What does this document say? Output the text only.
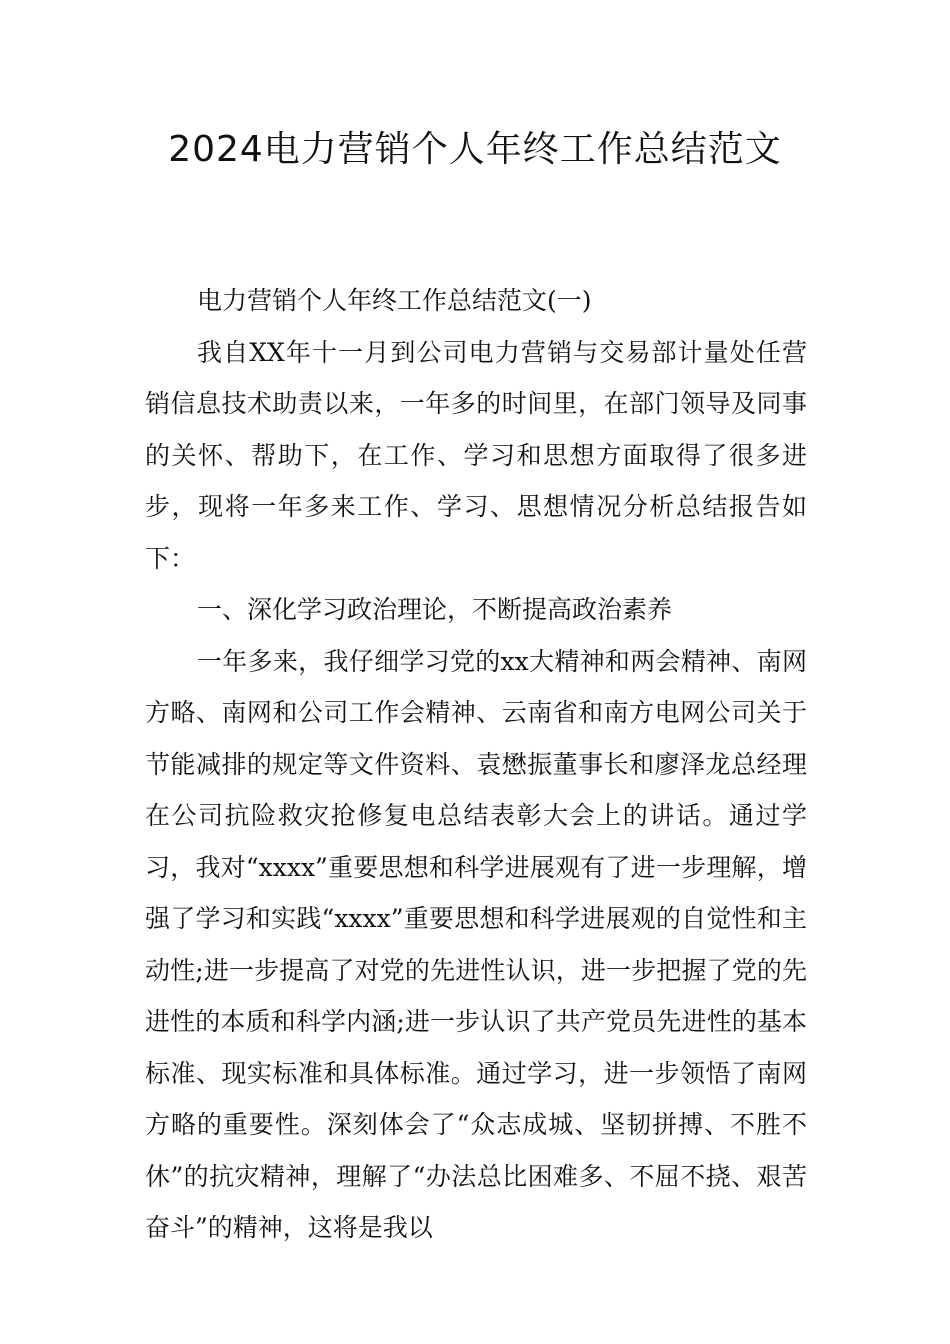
2024电力营销个人年终工作总结范文

电力营销个人年终工作总结范文(一)

我自XX年十一月到公司电力营销与交易部计量处任营销信息技术助责以来，一年多的时间里，在部门领导及同事的关怀、帮助下，在工作、学习和思想方面取得了很多进步，现将一年多来工作、学习、思想情况分析总结报告如下：

一、深化学习政治理论，不断提高政治素养

一年多来，我仔细学习党的xx大精神和两会精神、南网方略、南网和公司工作会精神、云南省和南方电网公司关于节能减排的规定等文件资料、袁懋振董事长和廖泽龙总经理在公司抗险救灾抢修复电总结表彰大会上的讲话。通过学习，我对“xxxx”重要思想和科学进展观有了进一步理解，增强了学习和实践“xxxx”重要思想和科学进展观的自觉性和主动性;进一步提高了对党的先进性认识，进一步把握了党的先进性的本质和科学内涵;进一步认识了共产党员先进性的基本标准、现实标准和具体标准。通过学习，进一步领悟了南网方略的重要性。深刻体会了“众志成城、坚韧拼搏、不胜不休”的抗灾精神，理解了“办法总比困难多、不屈不挠、艰苦奋斗”的精神，这将是我以
